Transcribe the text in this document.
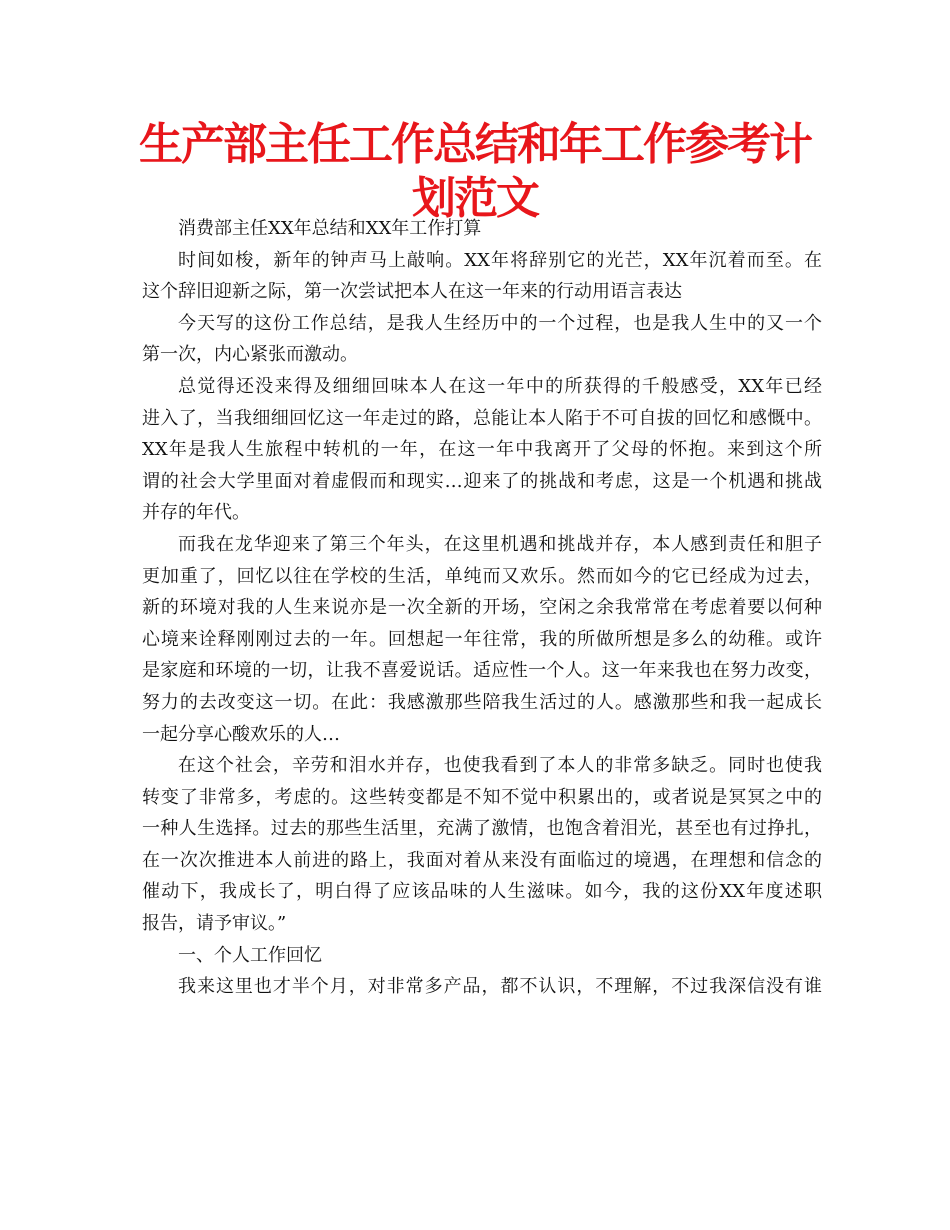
生产部主任工作总结和年工作参考计划范文
消费部主任XX年总结和XX年工作打算
时间如梭，新年的钟声马上敲响。XX年将辞别它的光芒，XX年沉着而至。在
这个辞旧迎新之际，第一次尝试把本人在这一年来的行动用语言表达
今天写的这份工作总结，是我人生经历中的一个过程，也是我人生中的又一个
第一次，内心紧张而激动。
总觉得还没来得及细细回味本人在这一年中的所获得的千般感受，XX年已经
进入了，当我细细回忆这一年走过的路，总能让本人陷于不可自拔的回忆和感慨中。
XX年是我人生旅程中转机的一年，在这一年中我离开了父母的怀抱。来到这个所
谓的社会大学里面对着虚假而和现实…迎来了的挑战和考虑，这是一个机遇和挑战
并存的年代。
而我在龙华迎来了第三个年头，在这里机遇和挑战并存，本人感到责任和胆子
更加重了，回忆以往在学校的生活，单纯而又欢乐。然而如今的它已经成为过去，
新的环境对我的人生来说亦是一次全新的开场，空闲之余我常常在考虑着要以何种
心境来诠释刚刚过去的一年。回想起一年往常，我的所做所想是多么的幼稚。或许
是家庭和环境的一切，让我不喜爱说话。适应性一个人。这一年来我也在努力改变，
努力的去改变这一切。在此：我感激那些陪我生活过的人。感激那些和我一起成长
一起分享心酸欢乐的人…
在这个社会，辛劳和泪水并存，也使我看到了本人的非常多缺乏。同时也使我
转变了非常多，考虑的。这些转变都是不知不觉中积累出的，或者说是冥冥之中的
一种人生选择。过去的那些生活里，充满了激情，也饱含着泪光，甚至也有过挣扎，
在一次次推进本人前进的路上，我面对着从来没有面临过的境遇，在理想和信念的
催动下，我成长了，明白得了应该品味的人生滋味。如今，我的这份XX年度述职
报告，请予审议。”
一、个人工作回忆
我来这里也才半个月，对非常多产品，都不认识，不理解，不过我深信没有谁
